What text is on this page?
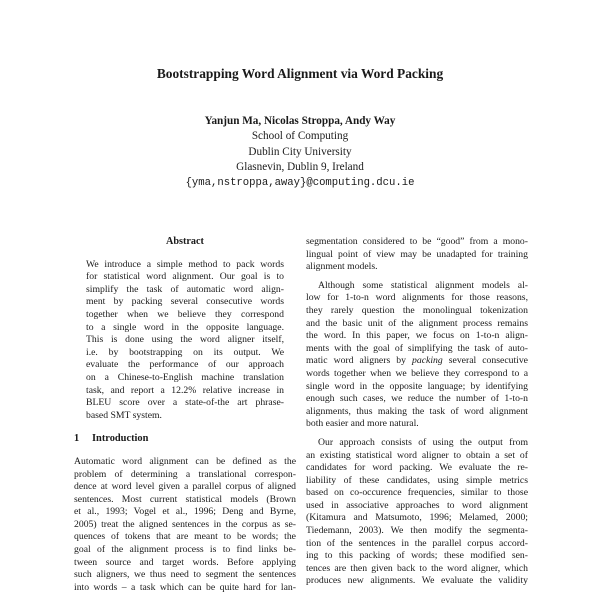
Bootstrapping Word Alignment via Word Packing
Yanjun Ma, Nicolas Stroppa, Andy Way
School of Computing
Dublin City University
Glasnevin, Dublin 9, Ireland
{yma,nstroppa,away}@computing.dcu.ie
Abstract

We introduce a simple method to pack words
for statistical word alignment. Our goal is to
simplify the task of automatic word align-
ment by packing several consecutive words
together when we believe they correspond
to a single word in the opposite language.
This is done using the word aligner itself,
i.e. by bootstrapping on its output. We
evaluate the performance of our approach
on a Chinese-to-English machine translation
task, and report a 12.2% relative increase in
BLEU score over a state-of-the art phrase-
based SMT system.

1 Introduction

Automatic word alignment can be defined as the
problem of determining a translational correspon-
dence at word level given a parallel corpus of aligned
sentences. Most current statistical models (Brown
et al., 1993; Vogel et al., 1996; Deng and Byrne,
2005) treat the aligned sentences in the corpus as se-
quences of tokens that are meant to be words; the
goal of the alignment process is to find links be-
tween source and target words. Before applying
such aligners, we thus need to segment the sentences
into words – a task which can be quite hard for lan-

segmentation considered to be “good” from a mono-
lingual point of view may be unadapted for training
alignment models.

Although some statistical alignment models al-
low for 1-to-n word alignments for those reasons,
they rarely question the monolingual tokenization
and the basic unit of the alignment process remains
the word. In this paper, we focus on 1-to-n align-
ments with the goal of simplifying the task of auto-
matic word aligners by packing several consecutive
words together when we believe they correspond to a
single word in the opposite language; by identifying
enough such cases, we reduce the number of 1-to-n
alignments, thus making the task of word alignment
both easier and more natural.

Our approach consists of using the output from
an existing statistical word aligner to obtain a set of
candidates for word packing. We evaluate the re-
liability of these candidates, using simple metrics
based on co-occurence frequencies, similar to those
used in associative approaches to word alignment
(Kitamura and Matsumoto, 1996; Melamed, 2000;
Tiedemann, 2003). We then modify the segmenta-
tion of the sentences in the parallel corpus accord-
ing to this packing of words; these modified sen-
tences are then given back to the word aligner, which
produces new alignments. We evaluate the validity
